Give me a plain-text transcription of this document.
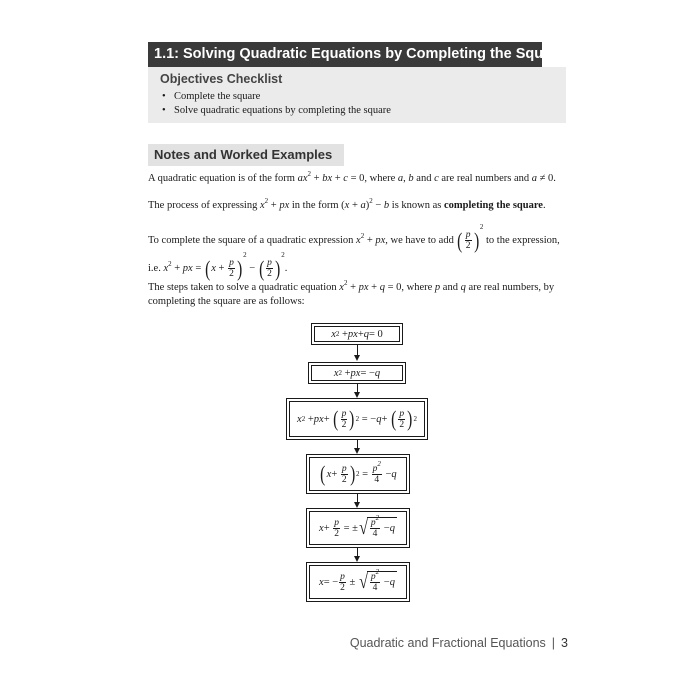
1.1: Solving Quadratic Equations by Completing the Square
Objectives Checklist
• Complete the square
• Solve quadratic equations by completing the square
Notes and Worked Examples
A quadratic equation is of the form $ax^2$ + bx + c = 0, where a, b and c are real numbers and a ≠ 0.
The process of expressing $x^2$ + px in the form $(x + a)^2 - b$ is known as completing the square.
To complete the square of a quadratic expression $x^2$ + px, we have to add ( $\frac{p}{2} )^2$ to the expression,
i.e. $x^2$ + px = $(x + \frac{p}{2} )^2$ − ( $\frac{p}{2} )^2$.
The steps taken to solve a quadratic equation $x^2$ + px + q = 0, where p and q are real numbers, by
completing the square are as follows:
x 2 + px + q = 0
x 2 + px = − q
x 2 + px + ( $\frac{p}{2}$ ) 2 = − q + ( $\frac{p}{2}$ ) 2
( $x + \frac{p}{2}$ ) $2 = \frac{p^2}{4} - q$
$x + \frac{p}{2}$ = ± √ $\frac{p^2}{4} - q$
x = − $\frac{p}{2}$ ± √ $\frac{p^2}{4} - q$
Quadratic and Fractional Equations | 3
